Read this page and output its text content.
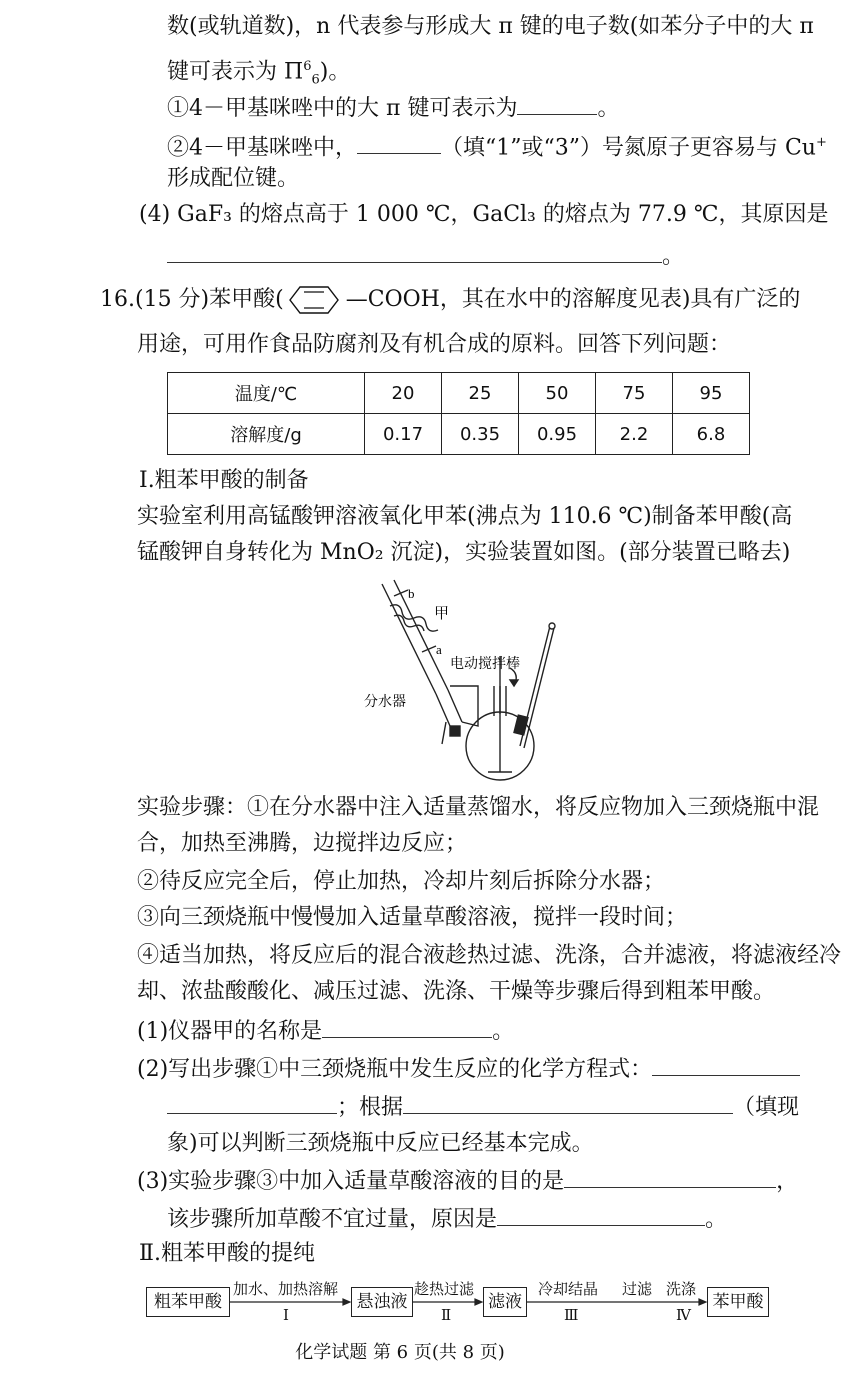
数(或轨道数)，n 代表参与形成大 π 键的电子数(如苯分子中的大 π
键可表示为 $\Pi^6_6$)。
①4－甲基咪唑中的大 π 键可表示为	。
②4－甲基咪唑中，	（填“1”或“3”）号氮原子更容易与 Cu+
形成配位键。
(4) GaF₃ 的熔点高于 1 000 ℃，GaCl₃ 的熔点为 77.9 ℃，其原因是
。
16.(15 分)苯甲酸(	—COOH，其在水中的溶解度见表)具有广泛的
用途，可用作食品防腐剂及有机合成的原料。回答下列问题：
温度/℃	20	25	50	75	95
溶解度/g	0.17	0.35	0.95	2.2	6.8
Ⅰ.粗苯甲酸的制备
实验室利用高锰酸钾溶液氧化甲苯(沸点为 110.6 ℃)制备苯甲酸(高
锰酸钾自身转化为 MnO₂ 沉淀)，实验装置如图。(部分装置已略去)
b
甲
a
电动搅拌棒
分水器
实验步骤：①在分水器中注入适量蒸馏水，将反应物加入三颈烧瓶中混
合，加热至沸腾，边搅拌边反应；
②待反应完全后，停止加热，冷却片刻后拆除分水器；
③向三颈烧瓶中慢慢加入适量草酸溶液，搅拌一段时间；
④适当加热，将反应后的混合液趁热过滤、洗涤，合并滤液，将滤液经冷
却、浓盐酸酸化、减压过滤、洗涤、干燥等步骤后得到粗苯甲酸。
(1)仪器甲的名称是	。
(2)写出步骤①中三颈烧瓶中发生反应的化学方程式：
；根据	（填现
象)可以判断三颈烧瓶中反应已经基本完成。
(3)实验步骤③中加入适量草酸溶液的目的是	，
该步骤所加草酸不宜过量，原因是	。
Ⅱ.粗苯甲酸的提纯
粗苯甲酸	悬浊液	滤液	苯甲酸
加水、加热溶解	趁热过滤	冷却结晶 过滤 洗涤
Ⅰ	Ⅱ	Ⅲ	Ⅳ
化学试题 第 6 页(共 8 页)
